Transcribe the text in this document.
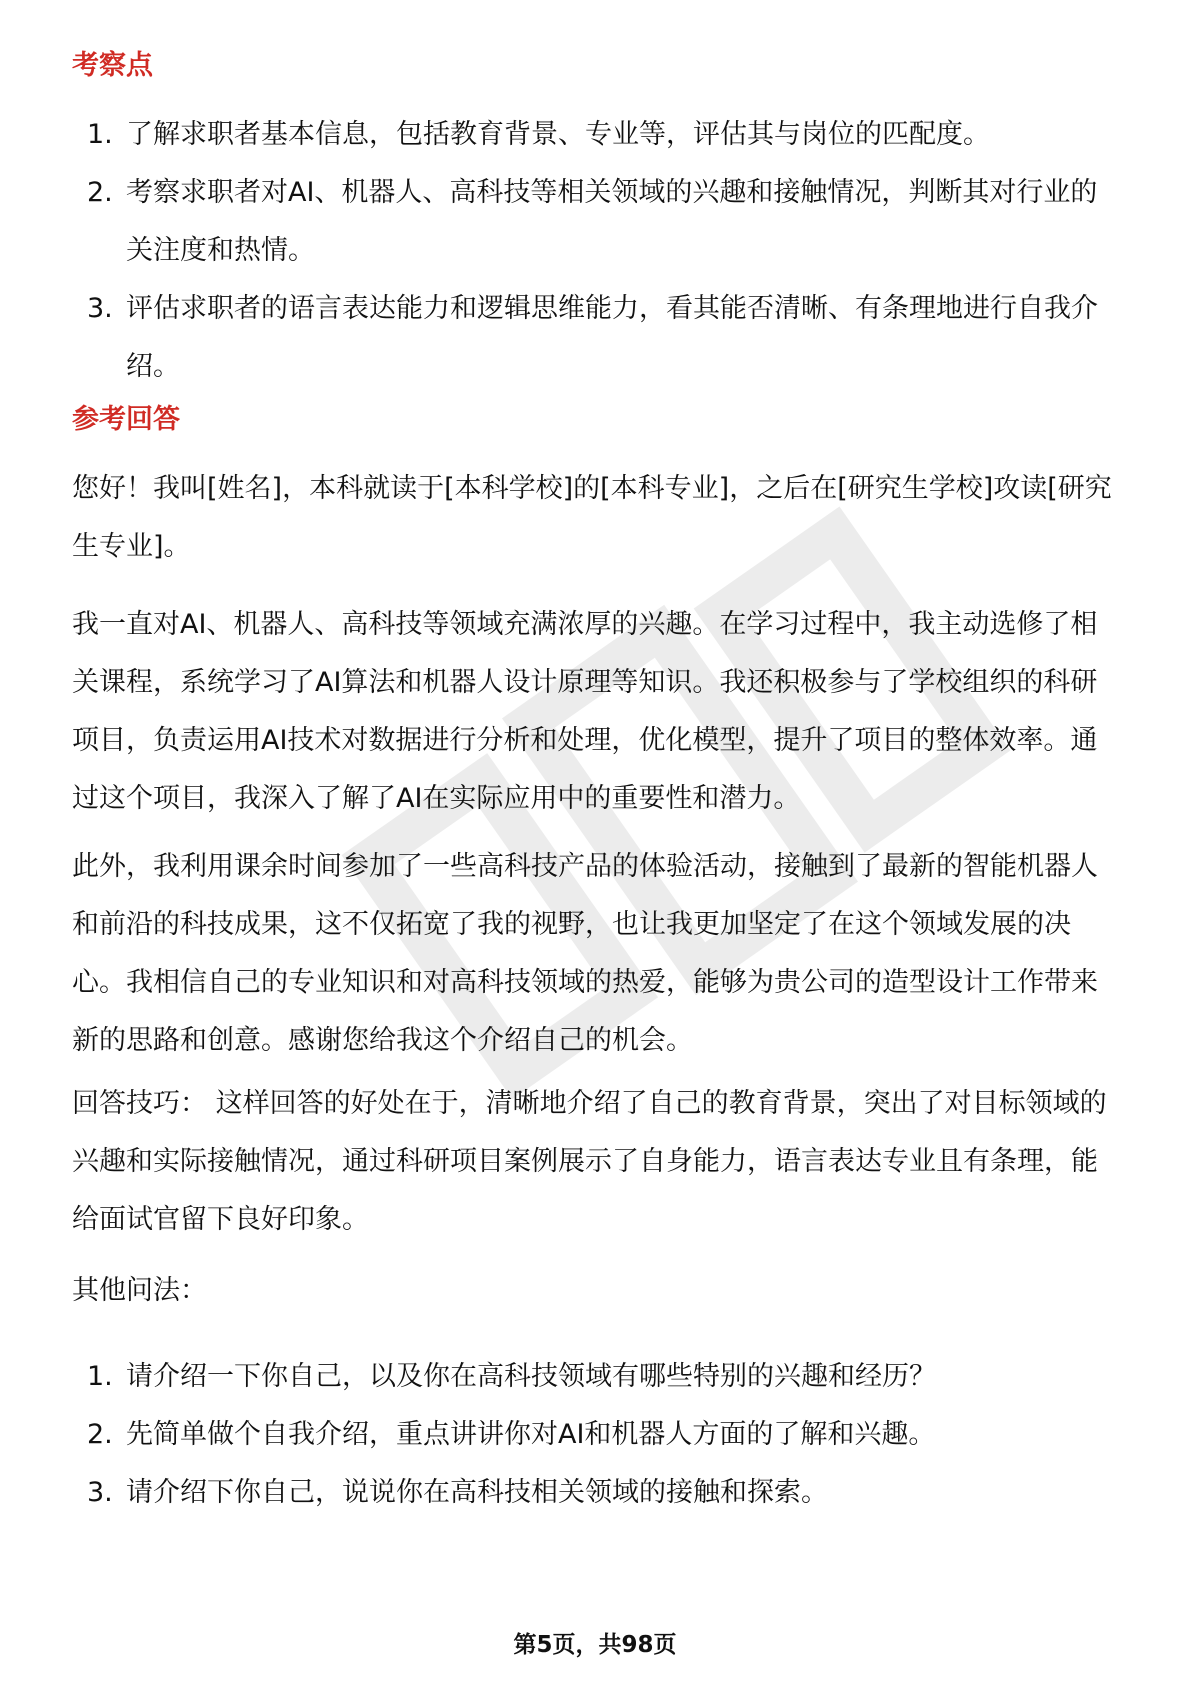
考察点
1. 了解求职者基本信息，包括教育背景、专业等，评估其与岗位的匹配度。
2. 考察求职者对AI、机器人、高科技等相关领域的兴趣和接触情况，判断其对行业的关注度和热情。
3. 评估求职者的语言表达能力和逻辑思维能力，看其能否清晰、有条理地进行自我介绍。
参考回答

您好！我叫[姓名]，本科就读于[本科学校]的[本科专业]，之后在[研究生学校]攻读[研究生专业]。

我一直对AI、机器人、高科技等领域充满浓厚的兴趣。在学习过程中，我主动选修了相关课程，系统学习了AI算法和机器人设计原理等知识。我还积极参与了学校组织的科研项目，负责运用AI技术对数据进行分析和处理，优化模型，提升了项目的整体效率。通过这个项目，我深入了解了AI在实际应用中的重要性和潜力。

此外，我利用课余时间参加了一些高科技产品的体验活动，接触到了最新的智能机器人和前沿的科技成果，这不仅拓宽了我的视野，也让我更加坚定了在这个领域发展的决心。我相信自己的专业知识和对高科技领域的热爱，能够为贵公司的造型设计工作带来新的思路和创意。感谢您给我这个介绍自己的机会。

回答技巧： 这样回答的好处在于，清晰地介绍了自己的教育背景，突出了对目标领域的兴趣和实际接触情况，通过科研项目案例展示了自身能力，语言表达专业且有条理，能给面试官留下良好印象。

其他问法：

1. 请介绍一下你自己，以及你在高科技领域有哪些特别的兴趣和经历？
2. 先简单做个自我介绍，重点讲讲你对AI和机器人方面的了解和兴趣。
3. 请介绍下你自己，说说你在高科技相关领域的接触和探索。
第5页，共98页
